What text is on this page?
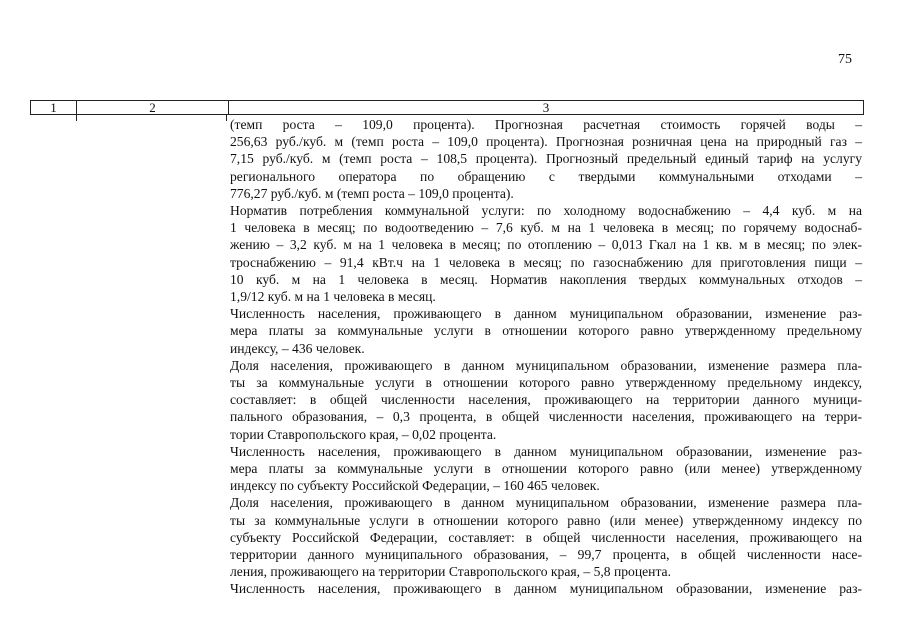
75
1	2	3
(темп роста – 109,0 процента). Прогнозная расчетная стоимость горячей воды –
256,63 руб./куб. м (темп роста – 109,0 процента). Прогнозная розничная цена на природный газ –
7,15 руб./куб. м (темп роста – 108,5 процента). Прогнозный предельный единый тариф на услугу
регионального оператора по обращению с твердыми коммунальными отходами –
776,27 руб./куб. м (темп роста – 109,0 процента).
Норматив потребления коммунальной услуги: по холодному водоснабжению – 4,4 куб. м на
1 человека в месяц; по водоотведению – 7,6 куб. м на 1 человека в месяц; по горячему водоснаб-
жению – 3,2 куб. м на 1 человека в месяц; по отоплению – 0,013 Гкал на 1 кв. м в месяц; по элек-
троснабжению – 91,4 кВт.ч на 1 человека в месяц; по газоснабжению для приготовления пищи –
10 куб. м на 1 человека в месяц. Норматив накопления твердых коммунальных отходов –
1,9/12 куб. м на 1 человека в месяц.
Численность населения, проживающего в данном муниципальном образовании, изменение раз-
мера платы за коммунальные услуги в отношении которого равно утвержденному предельному
индексу, – 436 человек.
Доля населения, проживающего в данном муниципальном образовании, изменение размера пла-
ты за коммунальные услуги в отношении которого равно утвержденному предельному индексу,
составляет: в общей численности населения, проживающего на территории данного муници-
пального образования, – 0,3 процента, в общей численности населения, проживающего на терри-
тории Ставропольского края, – 0,02 процента.
Численность населения, проживающего в данном муниципальном образовании, изменение раз-
мера платы за коммунальные услуги в отношении которого равно (или менее) утвержденному
индексу по субъекту Российской Федерации, – 160 465 человек.
Доля населения, проживающего в данном муниципальном образовании, изменение размера пла-
ты за коммунальные услуги в отношении которого равно (или менее) утвержденному индексу по
субъекту Российской Федерации, составляет: в общей численности населения, проживающего на
территории данного муниципального образования, – 99,7 процента, в общей численности насе-
ления, проживающего на территории Ставропольского края, – 5,8 процента.
Численность населения, проживающего в данном муниципальном образовании, изменение раз-
